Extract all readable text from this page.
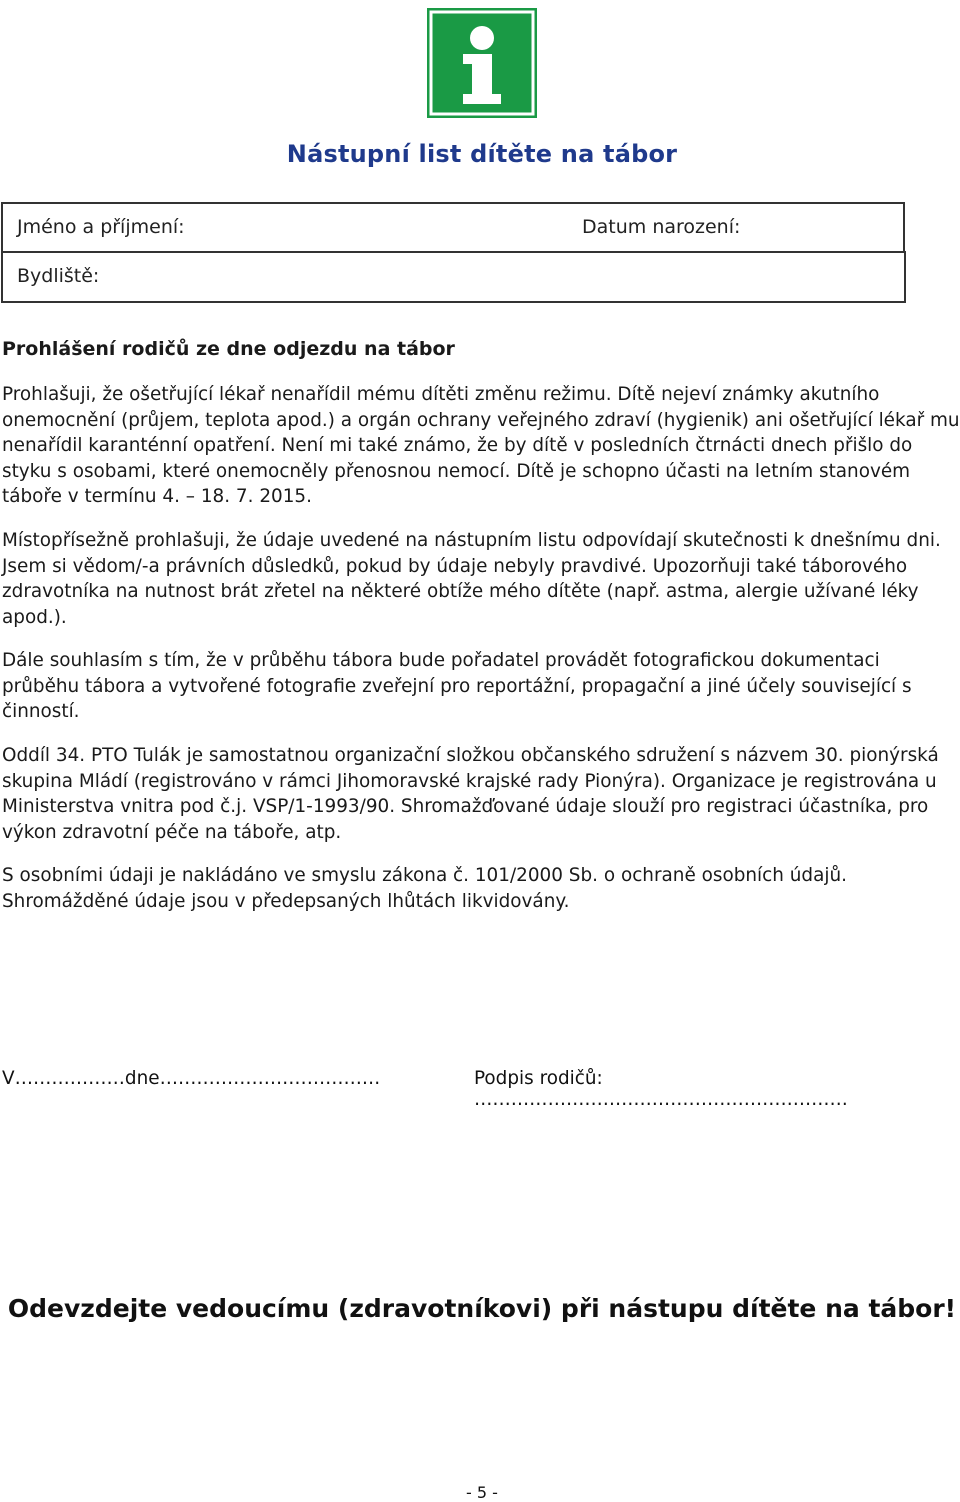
Nástupní list dítěte na tábor
Jméno a příjmení:	Datum narození:
Bydliště:
Prohlášení rodičů ze dne odjezdu na tábor

Prohlašuji, že ošetřující lékař nenařídil mému dítěti změnu režimu. Dítě nejeví známky akutního onemocnění (průjem, teplota apod.) a orgán ochrany veřejného zdraví (hygienik) ani ošetřující lékař mu nenařídil karanténní opatření. Není mi také známo, že by dítě v posledních čtrnácti dnech přišlo do styku s osobami, které onemocněly přenosnou nemocí. Dítě je schopno účasti na letním stanovém táboře v termínu 4. – 18. 7. 2015.

Místopřísežně prohlašuji, že údaje uvedené na nástupním listu odpovídají skutečnosti k dnešnímu dni. Jsem si vědom/-a právních důsledků, pokud by údaje nebyly pravdivé. Upozorňuji také táborového zdravotníka na nutnost brát zřetel na některé obtíže mého dítěte (např. astma, alergie užívané léky apod.).

Dále souhlasím s tím, že v průběhu tábora bude pořadatel provádět fotografickou dokumentaci průběhu tábora a vytvořené fotografie zveřejní pro reportážní, propagační a jiné účely související s činností.

Oddíl 34. PTO Tulák je samostatnou organizační složkou občanského sdružení s názvem 30. pionýrská skupina Mládí (registrováno v rámci Jihomoravské krajské rady Pionýra). Organizace je registrována u Ministerstva vnitra pod č.j. VSP/1-1993/90. Shromažďované údaje slouží pro registraci účastníka, pro výkon zdravotní péče na táboře, atp.

S osobními údaji je nakládáno ve smyslu zákona č. 101/2000 Sb. o ochraně osobních údajů. Shromážděné údaje jsou v předepsaných lhůtách likvidovány.

V………………dne………………………………	Podpis rodičů: …………………………………………………….
Odevzdejte vedoucímu (zdravotníkovi) při nástupu dítěte na tábor!
- 5 -
